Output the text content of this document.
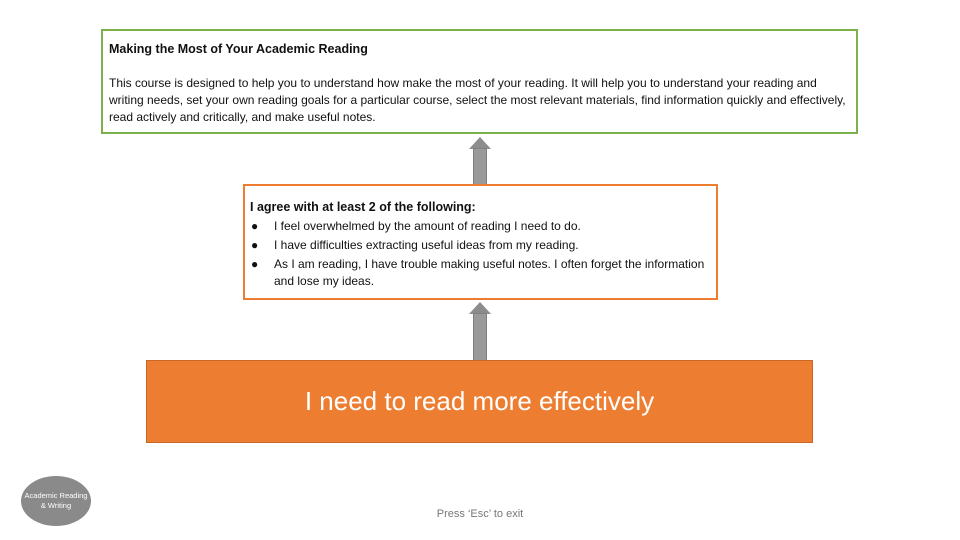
Making the Most of Your Academic Reading
This course is designed to help you to understand how make the most of your reading. It will help you to understand your reading and writing needs, set your own reading goals for a particular course, select the most relevant materials, find information quickly and effectively, read actively and critically, and make useful notes.
I agree with at least 2 of the following:
● I feel overwhelmed by the amount of reading I need to do.
● I have difficulties extracting useful ideas from my reading.
● As I am reading, I have trouble making useful notes. I often forget the information and lose my ideas.
I need to read more effectively
Academic Reading
& Writing
Press ‘Esc’ to exit
